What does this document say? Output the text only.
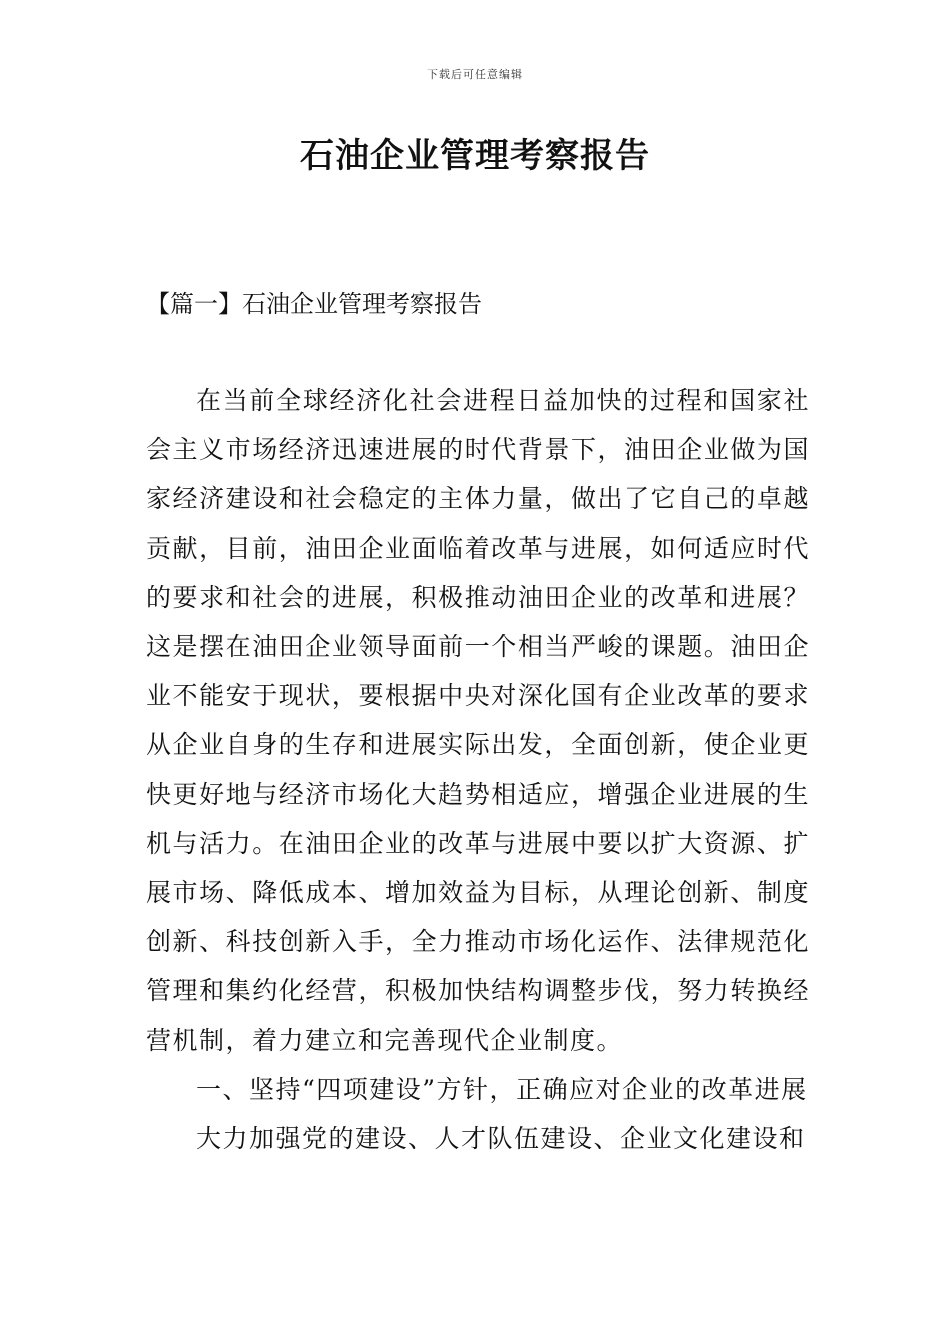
下载后可任意编辑
石油企业管理考察报告
【篇一】石油企业管理考察报告

在当前全球经济化社会进程日益加快的过程和国家社会主义市场经济迅速进展的时代背景下，油田企业做为国家经济建设和社会稳定的主体力量，做出了它自己的卓越贡献，目前，油田企业面临着改革与进展，如何适应时代的要求和社会的进展，积极推动油田企业的改革和进展？这是摆在油田企业领导面前一个相当严峻的课题。油田企业不能安于现状，要根据中央对深化国有企业改革的要求从企业自身的生存和进展实际出发，全面创新，使企业更快更好地与经济市场化大趋势相适应，增强企业进展的生机与活力。在油田企业的改革与进展中要以扩大资源、扩展市场、降低成本、增加效益为目标，从理论创新、制度创新、科技创新入手，全力推动市场化运作、法律规范化管理和集约化经营，积极加快结构调整步伐，努力转换经营机制，着力建立和完善现代企业制度。

一、坚持“四项建设”方针，正确应对企业的改革进展

大力加强党的建设、人才队伍建设、企业文化建设和
